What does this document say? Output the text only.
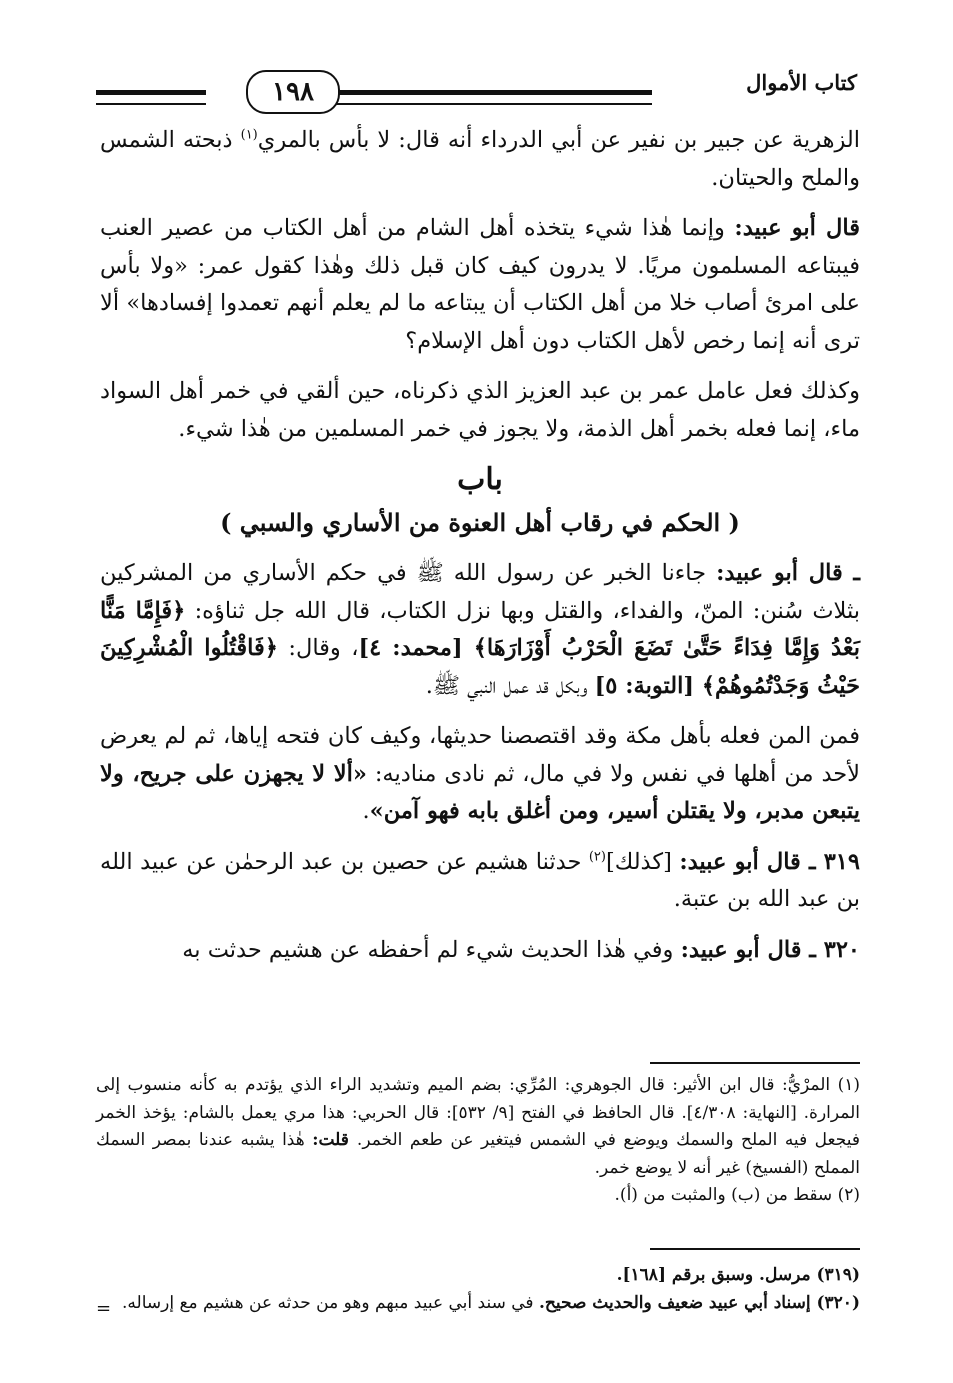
كتاب الأموال
١٩٨

الزهرية عن جبير بن نفير عن أبي الدرداء أنه قال: لا بأس بالمري$^{(١)}$ ذبحته الشمس والملح والحيتان.

قال أبو عبيد: وإنما هٰذا شيء يتخذه أهل الشام من أهل الكتاب من عصير العنب فيبتاعه المسلمون مريًا. لا يدرون كيف كان قبل ذلك وهٰذا كقول عمر: «ولا بأس على امرئ أصاب خلا من أهل الكتاب أن يبتاعه ما لم يعلم أنهم تعمدوا إفسادها» ألا ترى أنه إنما رخص لأهل الكتاب دون أهل الإسلام؟

وكذلك فعل عامل عمر بن عبد العزيز الذي ذكرناه، حين ألقي في خمر أهل السواد ماء، إنما فعله بخمر أهل الذمة، ولا يجوز في خمر المسلمين من هٰذا شيء.

باب
( الحكم في رقاب أهل العنوة من الأساري والسبي )

ـ قال أبو عبيد: جاءنا الخبر عن رسول الله ﷺ في حكم الأساري من المشركين بثلاث سُنن: المنّ، والفداء، والقتل وبها نزل الكتاب، قال الله جل ثناؤه: ﴿فَإِمَّا مَنًّا بَعْدُ وَإِمَّا فِدَاءً حَتَّىٰ تَضَعَ الْحَرْبُ أَوْزَارَهَا﴾ [محمد: ٤]، وقال: ﴿فَاقْتُلُوا الْمُشْرِكِينَ حَيْثُ وَجَدْتُمُوهُمْ﴾ [التوبة: ٥] وبكل قد عمل النبي ﷺ.

فمن المن فعله بأهل مكة وقد اقتصصنا حديثها، وكيف كان فتحه إياها، ثم لم يعرض لأحد من أهلها في نفس ولا في مال، ثم نادى مناديه: «ألا لا يجهزن على جريح، ولا يتبعن مدبر، ولا يقتلن أسير، ومن أغلق بابه فهو آمن».

٣١٩ ـ قال أبو عبيد: [كذلك]$^{(٢)}$ حدثنا هشيم عن حصين بن عبد الرحمٰن عن عبيد الله بن عبد الله بن عتبة.

٣٢٠ ـ قال أبو عبيد: وفي هٰذا الحديث شيء لم أحفظه عن هشيم حدثت به

(١) المرْيُّ: قال ابن الأثير: قال الجوهري: المُرِّي: بضم الميم وتشديد الراء الذي يؤتدم به كأنه منسوب إلى المرارة. [النهاية: ٤/٣٠٨]. قال الحافظ في الفتح [٩/ ٥٣٢]: قال الحربي: هذا مري يعمل بالشام: يؤخذ الخمر فيجعل فيه الملح والسمك ويوضع في الشمس فيتغير عن طعم الخمر. قلت: هٰذا يشبه عندنا بمصر السمك المملح (الفسيخ) غير أنه لا يوضع خمر.

(٢) سقط من (ب) والمثبت من (أ).

(٣١٩) مرسل. وسبق برقم [١٦٨].

(٣٢٠) إسناد أبي عبيد ضعيف والحديث صحيح. في سند أبي عبيد مبهم وهو من حدثه عن هشيم مع إرساله.

=
